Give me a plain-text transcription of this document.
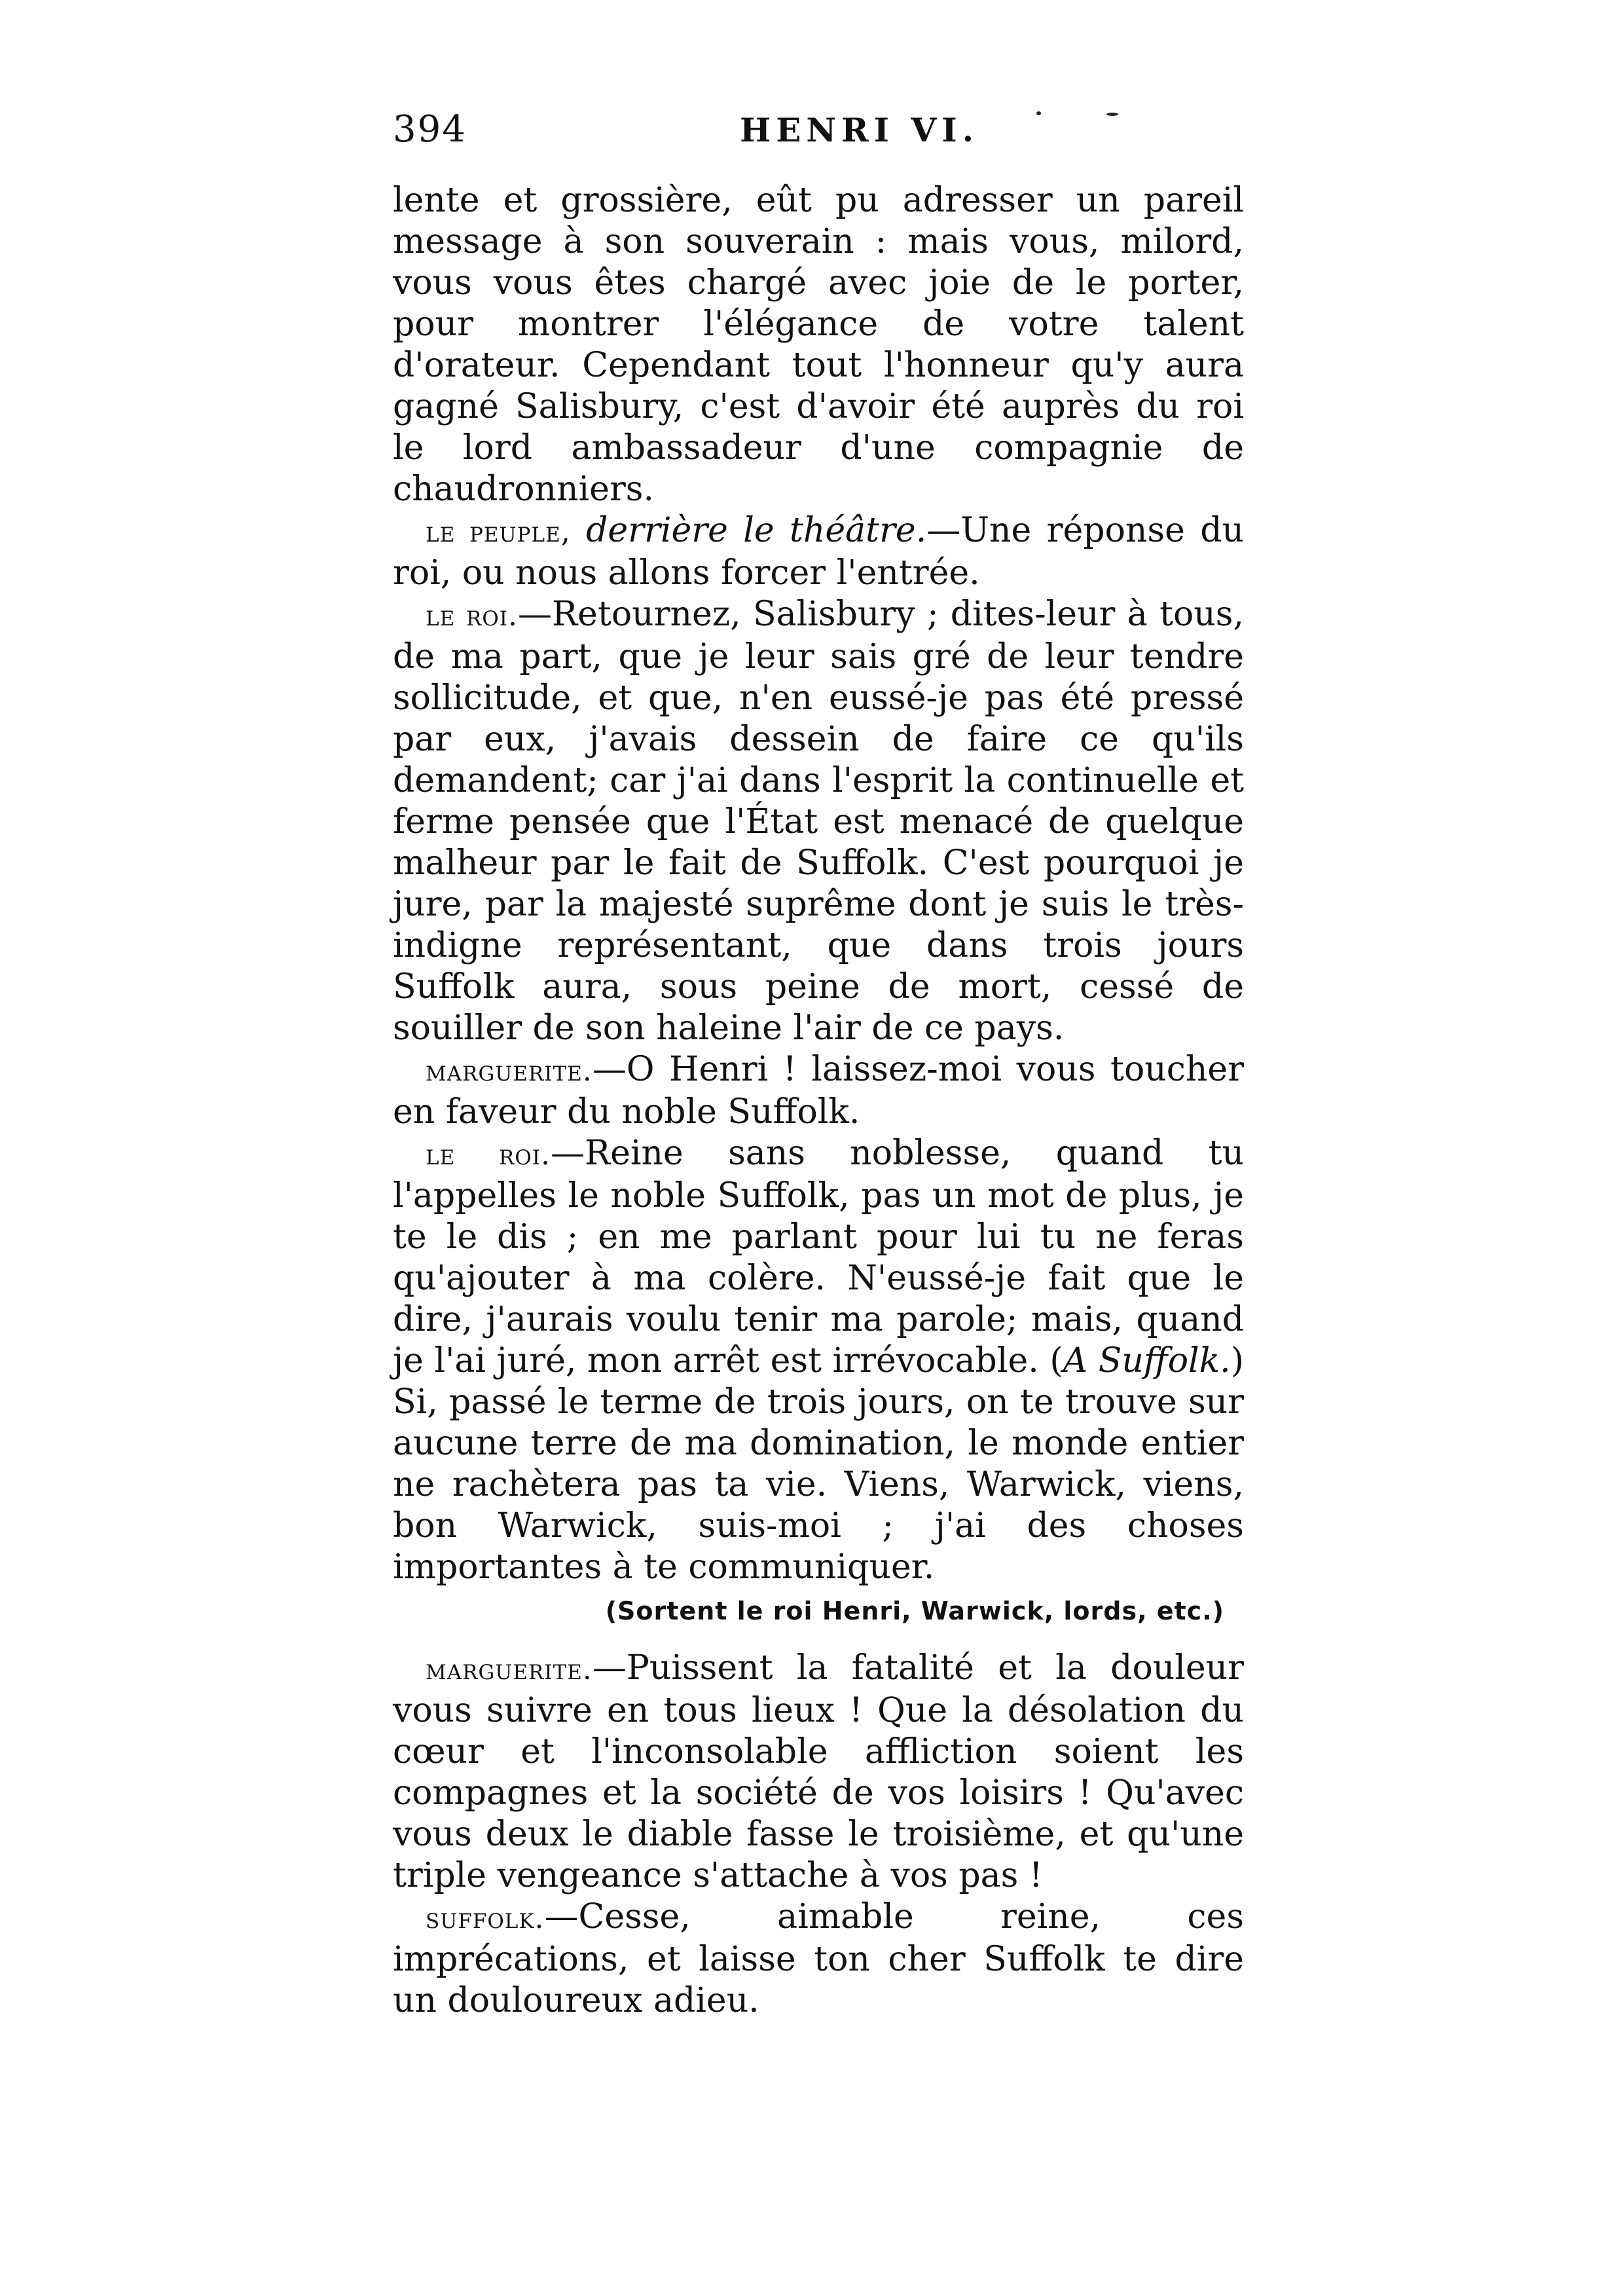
394	HENRI VI.

lente et grossière, eût pu adresser un pareil message à son souverain : mais vous, milord, vous vous êtes chargé avec joie de le porter, pour montrer l'élégance de votre talent d'orateur. Cependant tout l'honneur qu'y aura gagné Salisbury, c'est d'avoir été auprès du roi le lord ambassadeur d'une compagnie de chaudronniers.

le peuple, derrière le théâtre.—Une réponse du roi, ou nous allons forcer l'entrée.

le roi.—Retournez, Salisbury ; dites-leur à tous, de ma part, que je leur sais gré de leur tendre sollicitude, et que, n'en eussé-je pas été pressé par eux, j'avais dessein de faire ce qu'ils demandent; car j'ai dans l'esprit la continuelle et ferme pensée que l'État est menacé de quelque malheur par le fait de Suffolk. C'est pourquoi je jure, par la majesté suprême dont je suis le très-indigne représentant, que dans trois jours Suffolk aura, sous peine de mort, cessé de souiller de son haleine l'air de ce pays.

marguerite.—O Henri ! laissez-moi vous toucher en faveur du noble Suffolk.

le roi.—Reine sans noblesse, quand tu l'appelles le noble Suffolk, pas un mot de plus, je te le dis ; en me parlant pour lui tu ne feras qu'ajouter à ma colère. N'eussé-je fait que le dire, j'aurais voulu tenir ma parole; mais, quand je l'ai juré, mon arrêt est irrévocable. (A Suffolk.) Si, passé le terme de trois jours, on te trouve sur aucune terre de ma domination, le monde entier ne rachètera pas ta vie. Viens, Warwick, viens, bon Warwick, suis-moi ; j'ai des choses importantes à te communiquer.

(Sortent le roi Henri, Warwick, lords, etc.)

marguerite.—Puissent la fatalité et la douleur vous suivre en tous lieux ! Que la désolation du cœur et l'inconsolable affliction soient les compagnes et la société de vos loisirs ! Qu'avec vous deux le diable fasse le troisième, et qu'une triple vengeance s'attache à vos pas !

suffolk.—Cesse, aimable reine, ces imprécations, et laisse ton cher Suffolk te dire un douloureux adieu.
